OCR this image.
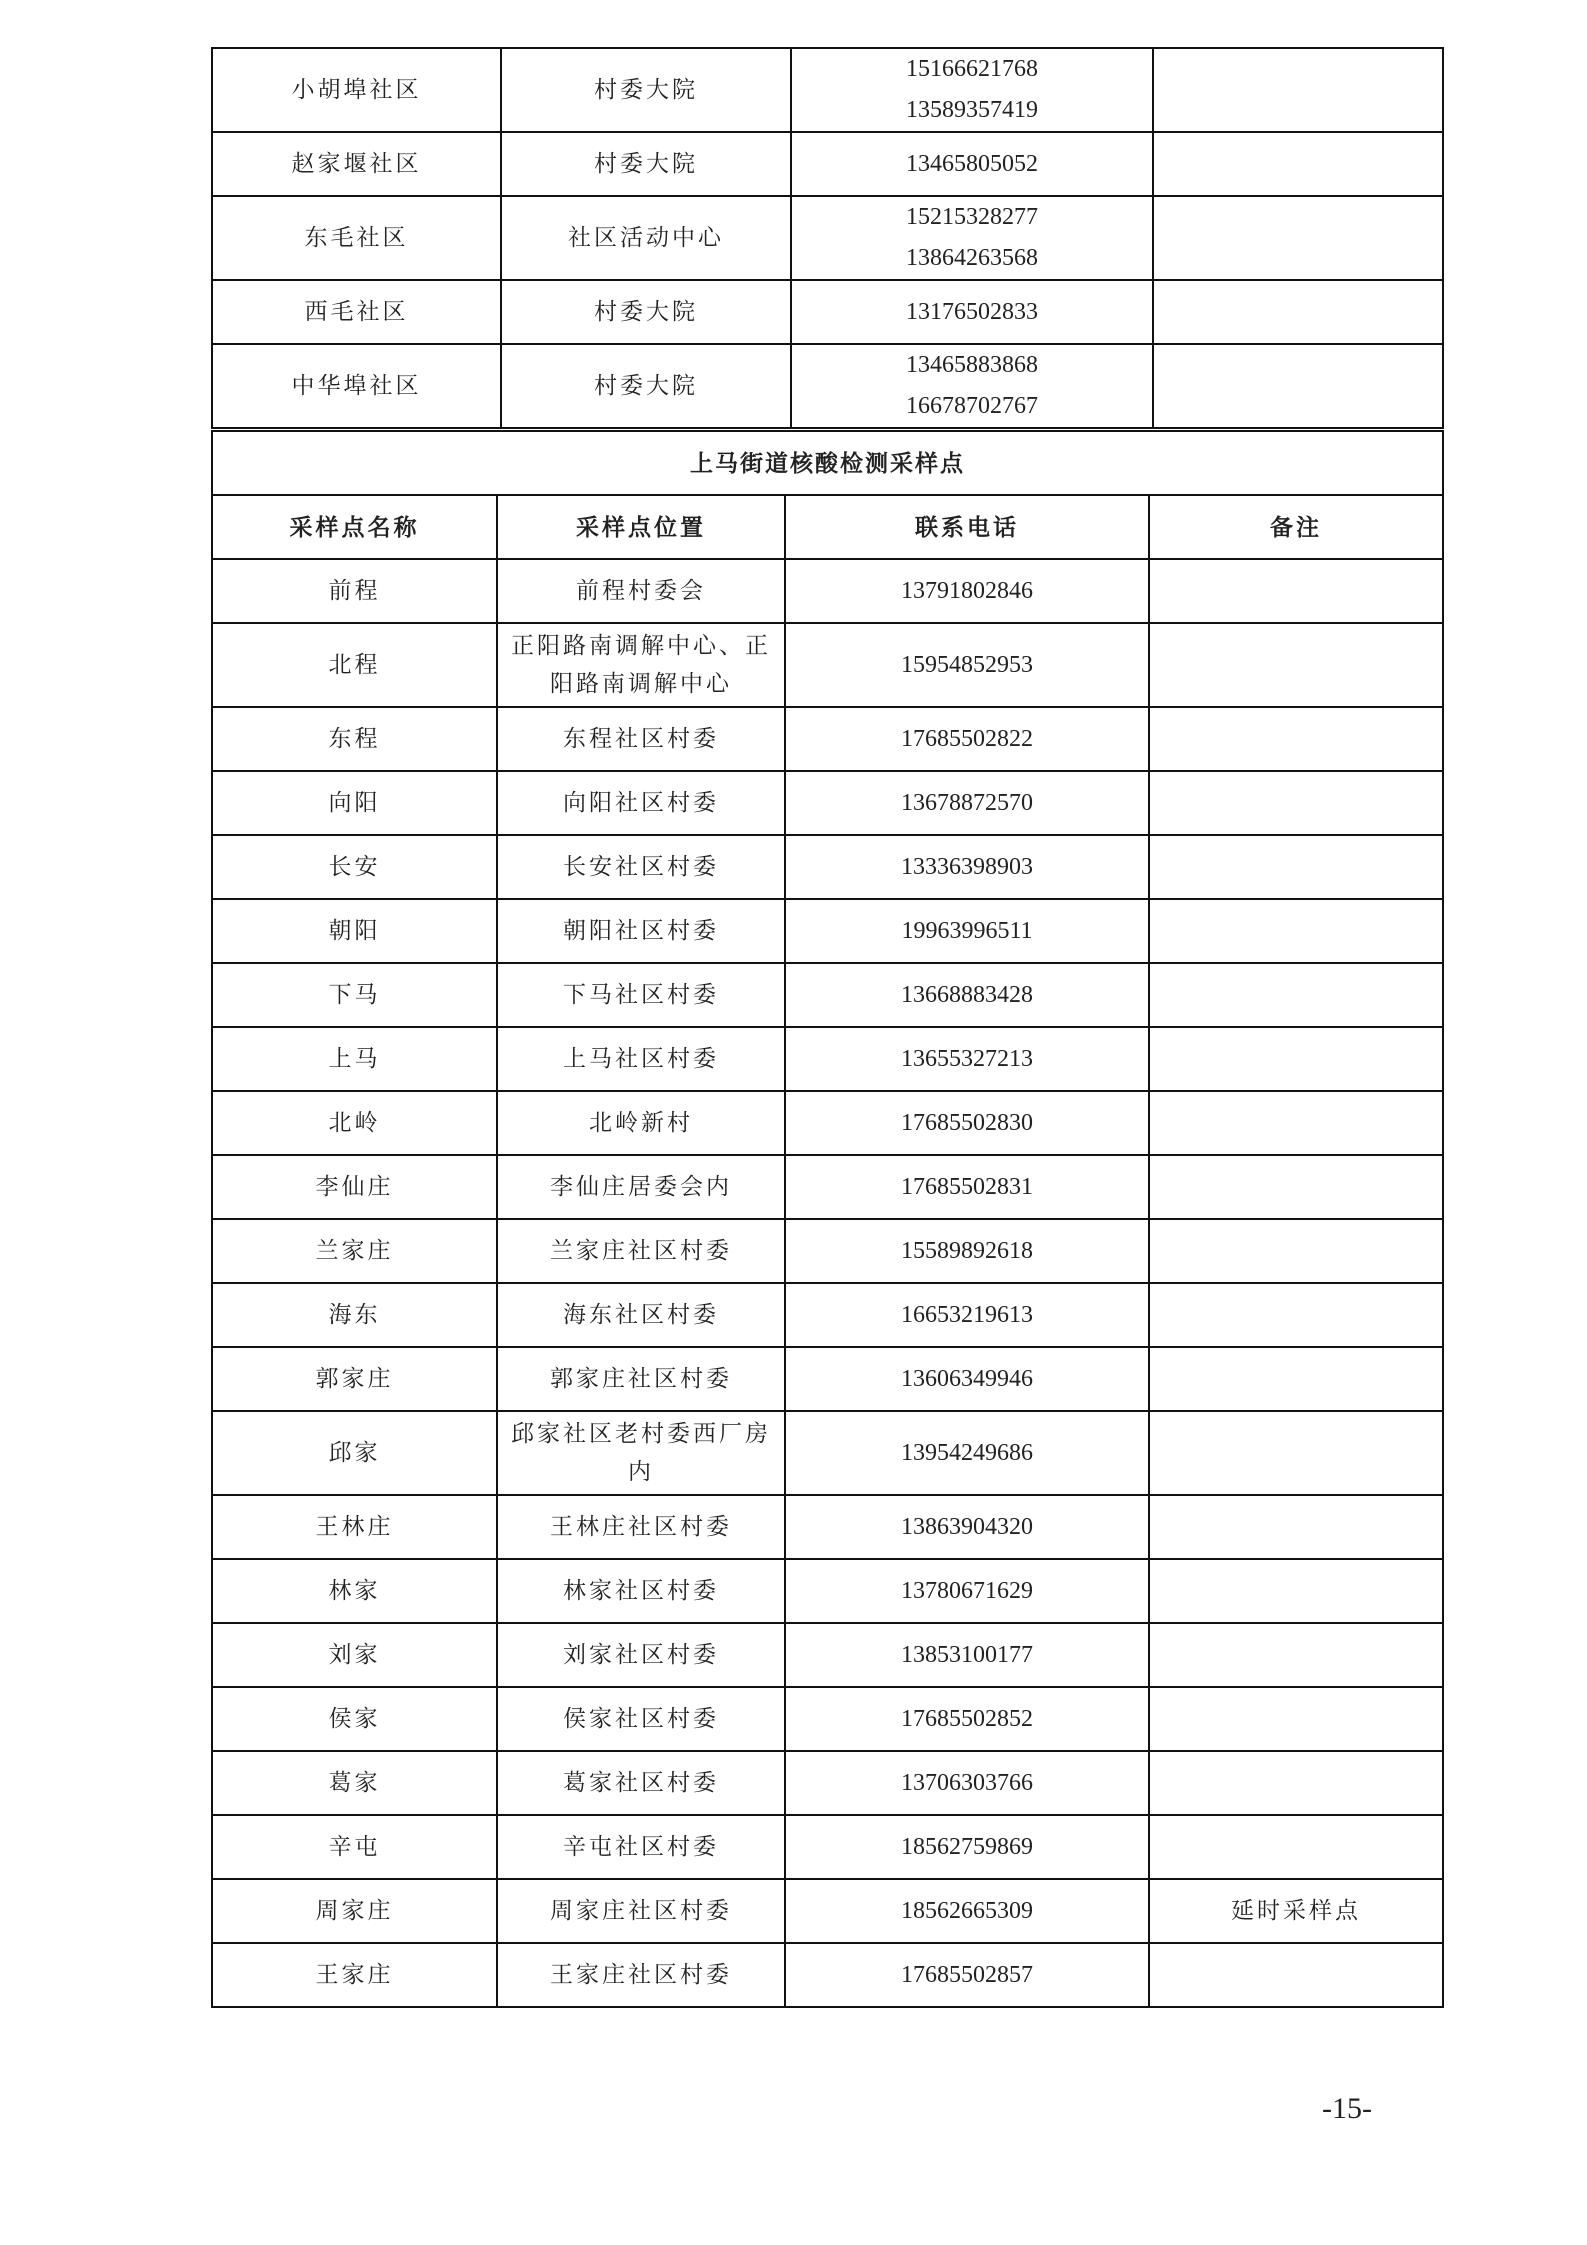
小胡埠社区	村委大院	15166621768
13589357419	

赵家堰社区	村委大院	13465805052	
东毛社区	社区活动中心	15215328277
13864263568	

西毛社区	村委大院	13176502833	
中华埠社区	村委大院	13465883868
16678702767	

上马街道核酸检测采样点			
采样点名称	采样点位置	联系电话	备注
前程	前程村委会	13791802846	
北程	正阳路南调解中心、正阳路南调解中心	15954852953	
东程	东程社区村委	17685502822	
向阳	向阳社区村委	13678872570	
长安	长安社区村委	13336398903	
朝阳	朝阳社区村委	19963996511	
下马	下马社区村委	13668883428	
上马	上马社区村委	13655327213	
北岭	北岭新村	17685502830	
李仙庄	李仙庄居委会内	17685502831	
兰家庄	兰家庄社区村委	15589892618	
海东	海东社区村委	16653219613	
郭家庄	郭家庄社区村委	13606349946	
邱家	邱家社区老村委西厂房内	13954249686	
王林庄	王林庄社区村委	13863904320	
林家	林家社区村委	13780671629	
刘家	刘家社区村委	13853100177	
侯家	侯家社区村委	17685502852	
葛家	葛家社区村委	13706303766	
辛屯	辛屯社区村委	18562759869	
周家庄	周家庄社区村委	18562665309	延时采样点
王家庄	王家庄社区村委	17685502857	
-15-
